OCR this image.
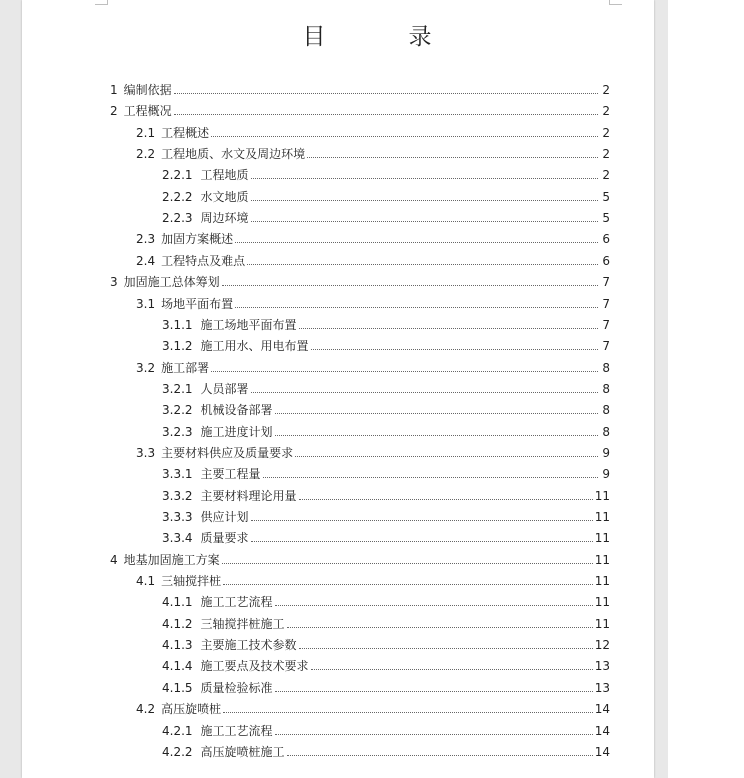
目　录
1 编制依据	2
2 工程概况	2
2.1 工程概述	2
2.2 工程地质、水文及周边环境	2
2.2.1 工程地质	2
2.2.2 水文地质	5
2.2.3 周边环境	5
2.3 加固方案概述	6
2.4 工程特点及难点	6
3 加固施工总体筹划	7
3.1 场地平面布置	7
3.1.1 施工场地平面布置	7
3.1.2 施工用水、用电布置	7
3.2 施工部署	8
3.2.1 人员部署	8
3.2.2 机械设备部署	8
3.2.3 施工进度计划	8
3.3 主要材料供应及质量要求	9
3.3.1 主要工程量	9
3.3.2 主要材料理论用量	11
3.3.3 供应计划	11
3.3.4 质量要求	11
4 地基加固施工方案	11
4.1 三轴搅拌桩	11
4.1.1 施工工艺流程	11
4.1.2 三轴搅拌桩施工	11
4.1.3 主要施工技术参数	12
4.1.4 施工要点及技术要求	13
4.1.5 质量检验标准	13
4.2 高压旋喷桩	14
4.2.1 施工工艺流程	14
4.2.2 高压旋喷桩施工	14
